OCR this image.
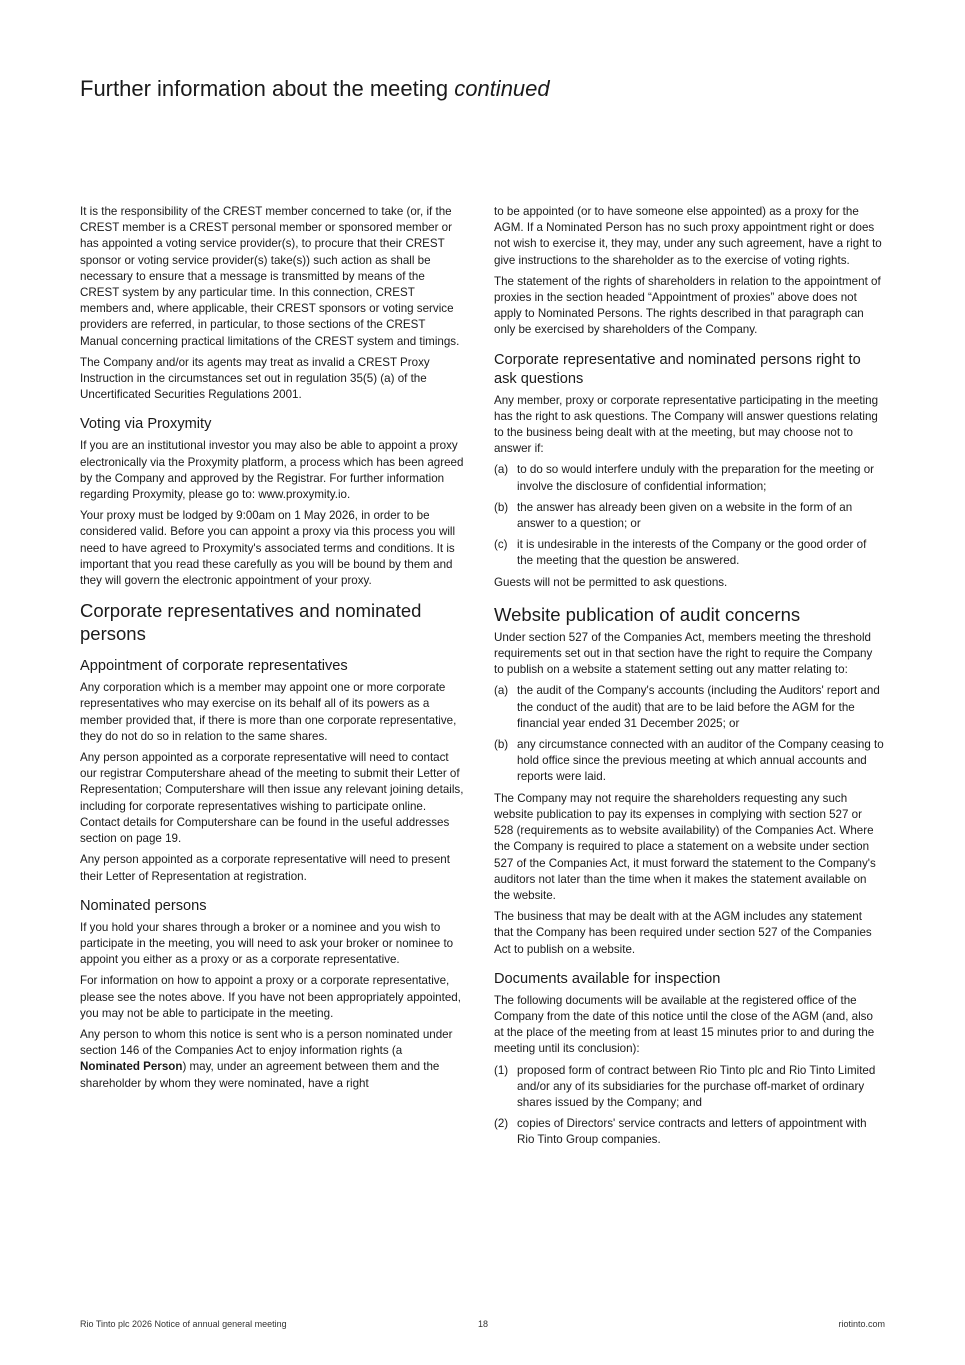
Further information about the meeting continued

It is the responsibility of the CREST member concerned to take (or, if the CREST member is a CREST personal member or sponsored member or has appointed a voting service provider(s), to procure that their CREST sponsor or voting service provider(s) take(s)) such action as shall be necessary to ensure that a message is transmitted by means of the CREST system by any particular time. In this connection, CREST members and, where applicable, their CREST sponsors or voting service providers are referred, in particular, to those sections of the CREST Manual concerning practical limitations of the CREST system and timings.

The Company and/or its agents may treat as invalid a CREST Proxy Instruction in the circumstances set out in regulation 35(5) (a) of the Uncertificated Securities Regulations 2001.

Voting via Proxymity

If you are an institutional investor you may also be able to appoint a proxy electronically via the Proxymity platform, a process which has been agreed by the Company and approved by the Registrar. For further information regarding Proxymity, please go to: www.proxymity.io.

Your proxy must be lodged by 9:00am on 1 May 2026, in order to be considered valid. Before you can appoint a proxy via this process you will need to have agreed to Proxymity's associated terms and conditions. It is important that you read these carefully as you will be bound by them and they will govern the electronic appointment of your proxy.

Corporate representatives and nominated persons
Appointment of corporate representatives

Any corporation which is a member may appoint one or more corporate representatives who may exercise on its behalf all of its powers as a member provided that, if there is more than one corporate representative, they do not do so in relation to the same shares.

Any person appointed as a corporate representative will need to contact our registrar Computershare ahead of the meeting to submit their Letter of Representation; Computershare will then issue any relevant joining details, including for corporate representatives wishing to participate online. Contact details for Computershare can be found in the useful addresses section on page 19.

Any person appointed as a corporate representative will need to present their Letter of Representation at registration.

Nominated persons

If you hold your shares through a broker or a nominee and you wish to participate in the meeting, you will need to ask your broker or nominee to appoint you either as a proxy or as a corporate representative.

For information on how to appoint a proxy or a corporate representative, please see the notes above. If you have not been appropriately appointed, you may not be able to participate in the meeting.

Any person to whom this notice is sent who is a person nominated under section 146 of the Companies Act to enjoy information rights (a Nominated Person) may, under an agreement between them and the shareholder by whom they were nominated, have a right

to be appointed (or to have someone else appointed) as a proxy for the AGM. If a Nominated Person has no such proxy appointment right or does not wish to exercise it, they may, under any such agreement, have a right to give instructions to the shareholder as to the exercise of voting rights.

The statement of the rights of shareholders in relation to the appointment of proxies in the section headed “Appointment of proxies” above does not apply to Nominated Persons. The rights described in that paragraph can only be exercised by shareholders of the Company.

Corporate representative and nominated persons right to ask questions

Any member, proxy or corporate representative participating in the meeting has the right to ask questions. The Company will answer questions relating to the business being dealt with at the meeting, but may choose not to answer if:

(a) to do so would interfere unduly with the preparation for the meeting or involve the disclosure of confidential information;
(b) the answer has already been given on a website in the form of an answer to a question; or
(c) it is undesirable in the interests of the Company or the good order of the meeting that the question be answered.

Guests will not be permitted to ask questions.

Website publication of audit concerns

Under section 527 of the Companies Act, members meeting the threshold requirements set out in that section have the right to require the Company to publish on a website a statement setting out any matter relating to:

(a) the audit of the Company's accounts (including the Auditors' report and the conduct of the audit) that are to be laid before the AGM for the financial year ended 31 December 2025; or
(b) any circumstance connected with an auditor of the Company ceasing to hold office since the previous meeting at which annual accounts and reports were laid.

The Company may not require the shareholders requesting any such website publication to pay its expenses in complying with section 527 or 528 (requirements as to website availability) of the Companies Act. Where the Company is required to place a statement on a website under section 527 of the Companies Act, it must forward the statement to the Company's auditors not later than the time when it makes the statement available on the website.

The business that may be dealt with at the AGM includes any statement that the Company has been required under section 527 of the Companies Act to publish on a website.

Documents available for inspection

The following documents will be available at the registered office of the Company from the date of this notice until the close of the AGM (and, also at the place of the meeting from at least 15 minutes prior to and during the meeting until its conclusion):

(1) proposed form of contract between Rio Tinto plc and Rio Tinto Limited and/or any of its subsidiaries for the purchase off-market of ordinary shares issued by the Company; and
(2) copies of Directors' service contracts and letters of appointment with Rio Tinto Group companies.
Rio Tinto plc 2026 Notice of annual general meeting	18	riotinto.com
